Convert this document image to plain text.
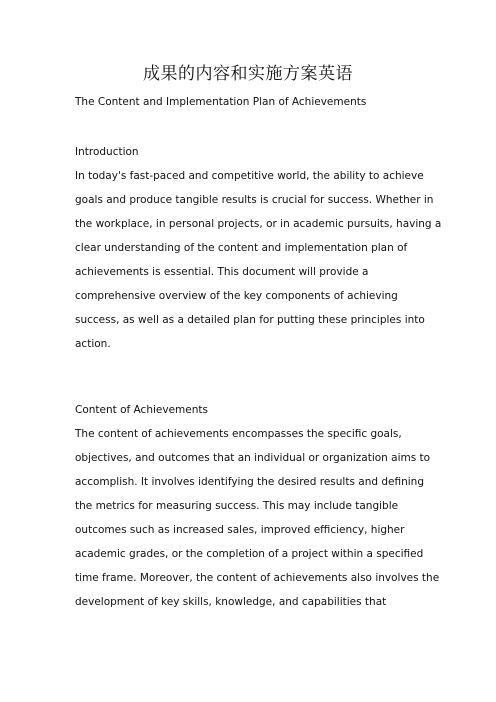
成果的内容和实施方案英语
The Content and Implementation Plan of Achievements
Introduction
In today's fast-paced and competitive world, the ability to achieve
goals and produce tangible results is crucial for success. Whether in
the workplace, in personal projects, or in academic pursuits, having a
clear understanding of the content and implementation plan of
achievements is essential. This document will provide a
comprehensive overview of the key components of achieving
success, as well as a detailed plan for putting these principles into
action.
Content of Achievements
The content of achievements encompasses the specific goals,
objectives, and outcomes that an individual or organization aims to
accomplish. It involves identifying the desired results and defining
the metrics for measuring success. This may include tangible
outcomes such as increased sales, improved efficiency, higher
academic grades, or the completion of a project within a specified
time frame. Moreover, the content of achievements also involves the
development of key skills, knowledge, and capabilities that
